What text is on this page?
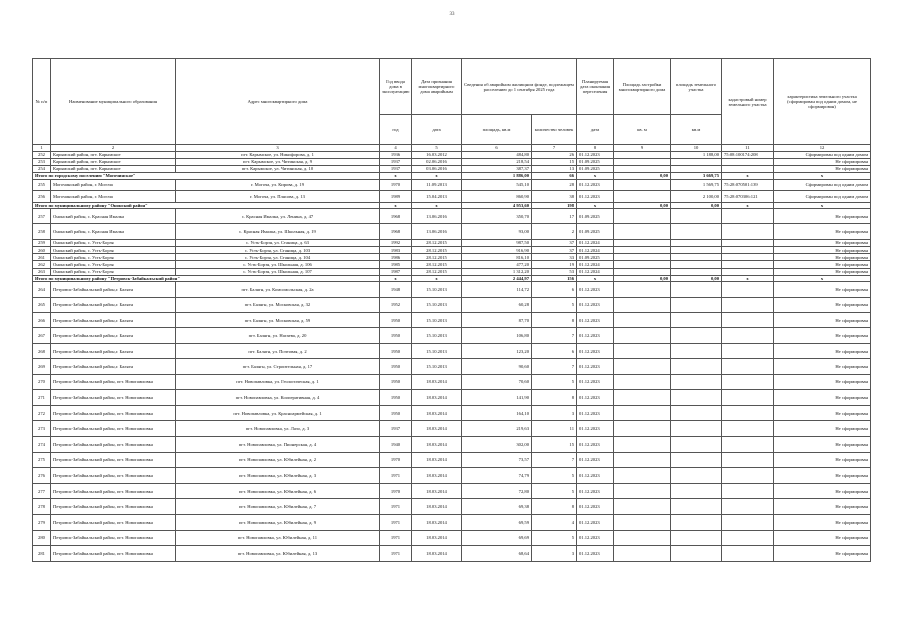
33
№ п/п	Наименование муниципального образования	Адрес многоквартирного дома	Год ввода дома в эксплуатацию	Дата признания многоквартирного дома аварийным	Сведения об аварийном жилищном фонде, подлежащем расселению до 1 сентября 2025 года		Планируемая дата окончания переселения	Площадь застройки многоквартирного дома	площадь земельного участка	кадастровый номер земельного участка	характеристика земельного участка (сформирован под одним домом, не сформирован)
			год	дата	площадь, кв.м	количество человек	дата	кв. м	кв.м		
1	2	3	4	5	6	7	8	9	10	11	12
252	Карымский район, пгт. Карымское	пгт. Карымское, ул. Никифорова, д. 1	1936	16.03.2012	484,80	26	01.12.2023		1 188,00	75:08:100174:208	Сформирован под одним домом
253	Карымский район, пгт. Карымское	пгт. Карымское, ул. Читинская, д. 9	1937	02.06.2016	218,54	15	01.09.2025				Не сформирован
254	Карымский район, пгт. Карымское	пгт. Карымское, ул. Читинская, д. 10	1937	03.06.2016	387,37	13	01.09.2025				Не сформирован
Итого по городскому поселению "Могочинское"			x	x	1 886,00	66	x	0,00	3 669,75	x	x
255	Могочинский район, г. Могоча	г. Могоча, ул. Кирова, д. 19	1970	11.09.2013	545,10	28	01.12.2023		1 569,75	75:28:070501:139	Сформирован под одним домом
256	Могочинский район, г. Могоча	г. Могоча, ул. Плясова, д. 13	1989	15.04.2013	860,90	38	01.12.2023		2 100,00	75:28:070306:121	Сформирован под одним домом
Итого по муниципальному району "Ононский район"			x	x	4 953,60	198	x	0,00	0,00	x	x
257	Ононский район, с. Красная Ималка	с. Красная Ималка, ул. Ленина, д. 47	1968	13.06.2016	350,70	17	01.09.2025				Не сформирован
258	Ононский район, с. Красная Ималка	с. Красная Ималка, ул. Школьная, д. 19	1968	13.06.2016	93,00	2	01.09.2025				Не сформирован
259	Ононский район, с. Усть-Борзя	с. Усть-Борзя, ул. Станица, д. 63	1992	28.12.2015	987,50	37	01.12.2024				Не сформирован
260	Ононский район, с. Усть-Борзя	с. Усть-Борзя, ул. Станица, д. 103	1983	28.12.2015	916,90	37	01.12.2024				Не сформирован
261	Ононский район, с. Усть-Борзя	с. Усть-Борзя, ул. Станица, д. 104	1986	28.12.2015	816,10	33	01.09.2025				Не сформирован
262	Ононский район, с. Усть-Борзя	с. Усть-Борзя, ул. Школьная, д. 106	1985	28.12.2015	477,20	19	01.12.2024				Не сформирован
263	Ононский район, с. Усть-Борзя	с. Усть-Борзя, ул. Школьная, д. 107	1987	28.12.2015	1 312,20	53	01.12.2024				Не сформирован
Итого по муниципальному району "Петровск-Забайкальский район"			x	x	2 444,97	156	x	0,00	0,00	x	x
264	Петровск-Забайкальский район,г. Балягн	пгт. Балягн, ул. Комсомольская, д. 2а	1948	15.10.2013	114,72	6	01.12.2023				Не сформирован
265	Петровск-Забайкальский район,г. Балягн	пгт. Балягн, ул. Московская, д. 32	1952	15.10.2013	60,28	5	01.12.2023				Не сформирован
266	Петровск-Забайкальский район,г. Балягн	пгт. Балягн, ул. Московская, д. 59	1950	15.10.2013	87,70	8	01.12.2023				Не сформирован
267	Петровск-Забайкальский район,г. Балягн	пгт. Балягн, ул. Нагаева, д. 20	1950	15.10.2013	106,80	7	01.12.2023				Не сформирован
268	Петровск-Забайкальский район,г. Балягн	пгт. Балягн, ул. Почтовая, д. 2	1950	15.10.2013	123,20	6	01.12.2023				Не сформирован
269	Петровск-Забайкальский район,г. Балягн	пгт. Балягн, ул. Строительная, д. 17	1950	15.10.2013	90,60	7	01.12.2023				Не сформирован
270	Петровск-Забайкальский район, пгт. Новопавловка	пгт. Новопавловка, ул. Геологическая, д. 1	1950	18.03.2014	70,60	5	01.12.2023				Не сформирован
271	Петровск-Забайкальский район, пгт. Новопавловка	пгт. Новопавловка, ул. Кооперативная, д. 4	1950	18.03.2014	141,90	8	01.12.2023				Не сформирован
272	Петровск-Забайкальский район, пгт. Новопавловка	пгт. Новопавловка, ул. Красноармейская, д. 1	1950	18.03.2014	164,10	3	01.12.2023				Не сформирован
273	Петровск-Забайкальский район, пгт. Новопавловка	пгт. Новопавловка, ул. Лазо, д. 3	1937	18.03.2014	219,63	11	01.12.2023				Не сформирован
274	Петровск-Забайкальский район, пгт. Новопавловка	пгт. Новопавловка, ул. Пионерская, д. 4	1940	18.03.2014	302,00	15	01.12.2023				Не сформирован
275	Петровск-Забайкальский район, пгт. Новопавловка	пгт. Новопавловка, ул. Юбилейная, д. 2	1970	18.03.2014	73,57	7	01.12.2023				Не сформирован
276	Петровск-Забайкальский район, пгт. Новопавловка	пгт. Новопавловка, ул. Юбилейная, д. 3	1971	18.03.2014	74,79	5	01.12.2023				Не сформирован
277	Петровск-Забайкальский район, пгт. Новопавловка	пгт. Новопавловка, ул. Юбилейная, д. 6	1970	18.03.2014	72,80	5	01.12.2023				Не сформирован
278	Петровск-Забайкальский район, пгт. Новопавловка	пгт. Новопавловка, ул. Юбилейная, д. 7	1971	18.03.2014	69,38	8	01.12.2023				Не сформирован
279	Петровск-Забайкальский район, пгт. Новопавловка	пгт. Новопавловка, ул. Юбилейная, д. 9	1971	18.03.2014	69,59	4	01.12.2023				Не сформирован
280	Петровск-Забайкальский район, пгт. Новопавловка	пгт. Новопавловка, ул. Юбилейная, д. 11	1971	18.03.2014	69,69	5	01.12.2023				Не сформирован
281	Петровск-Забайкальский район, пгт. Новопавловка	пгт. Новопавловка, ул. Юбилейная, д. 13	1971	18.03.2014	68,64	3	01.12.2023				Не сформирован
